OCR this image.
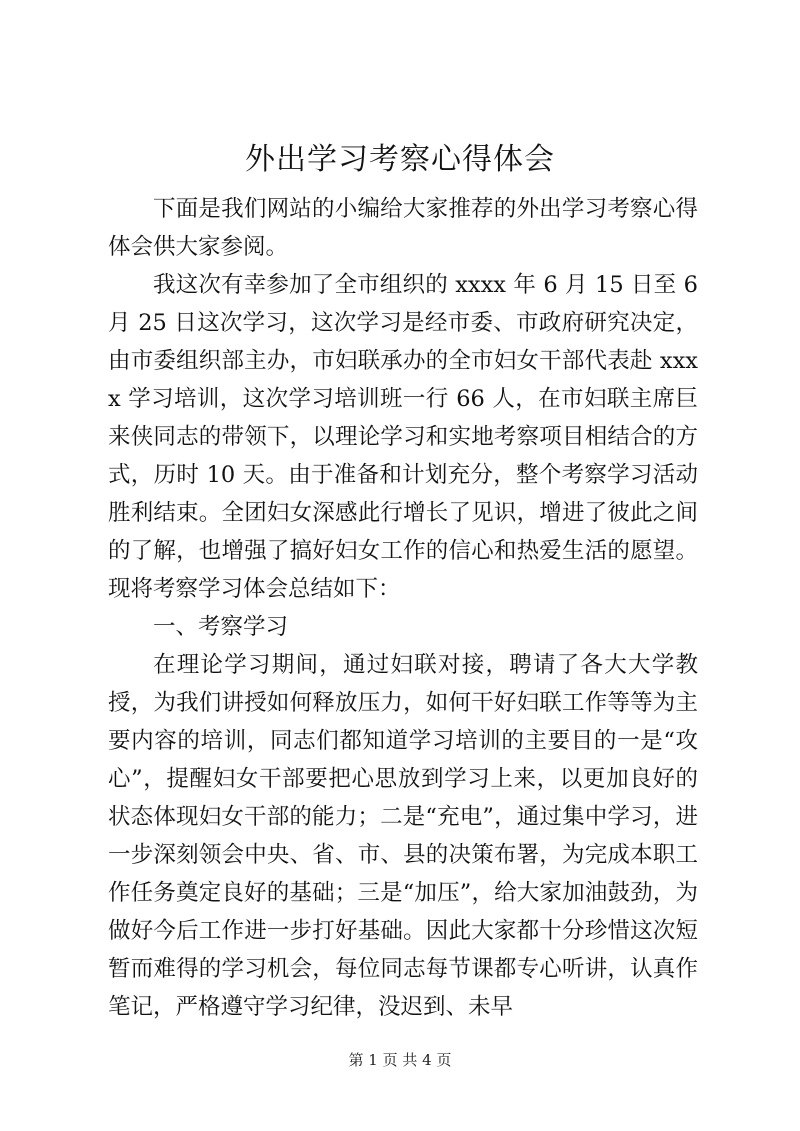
外出学习考察心得体会

下面是我们网站的小编给大家推荐的外出学习考察心得体会供大家参阅。

我这次有幸参加了全市组织的 xxxx 年 6 月 15 日至 6 月 25 日这次学习，这次学习是经市委、市政府研究决定，由市委组织部主办，市妇联承办的全市妇女干部代表赴 xxxx 学习培训，这次学习培训班一行 66 人，在市妇联主席巨来侠同志的带领下，以理论学习和实地考察项目相结合的方式，历时 10 天。由于准备和计划充分，整个考察学习活动胜利结束。全团妇女深感此行增长了见识，增进了彼此之间的了解，也增强了搞好妇女工作的信心和热爱生活的愿望。现将考察学习体会总结如下：

一、考察学习

在理论学习期间，通过妇联对接，聘请了各大大学教授，为我们讲授如何释放压力，如何干好妇联工作等等为主要内容的培训，同志们都知道学习培训的主要目的一是“攻心”，提醒妇女干部要把心思放到学习上来，以更加良好的状态体现妇女干部的能力；二是“充电”，通过集中学习，进一步深刻领会中央、省、市、县的决策布署，为完成本职工作任务奠定良好的基础；三是“加压”，给大家加油鼓劲，为做好今后工作进一步打好基础。因此大家都十分珍惜这次短暂而难得的学习机会，每位同志每节课都专心听讲，认真作笔记，严格遵守学习纪律，没迟到、未早

第 1 页 共 4 页
